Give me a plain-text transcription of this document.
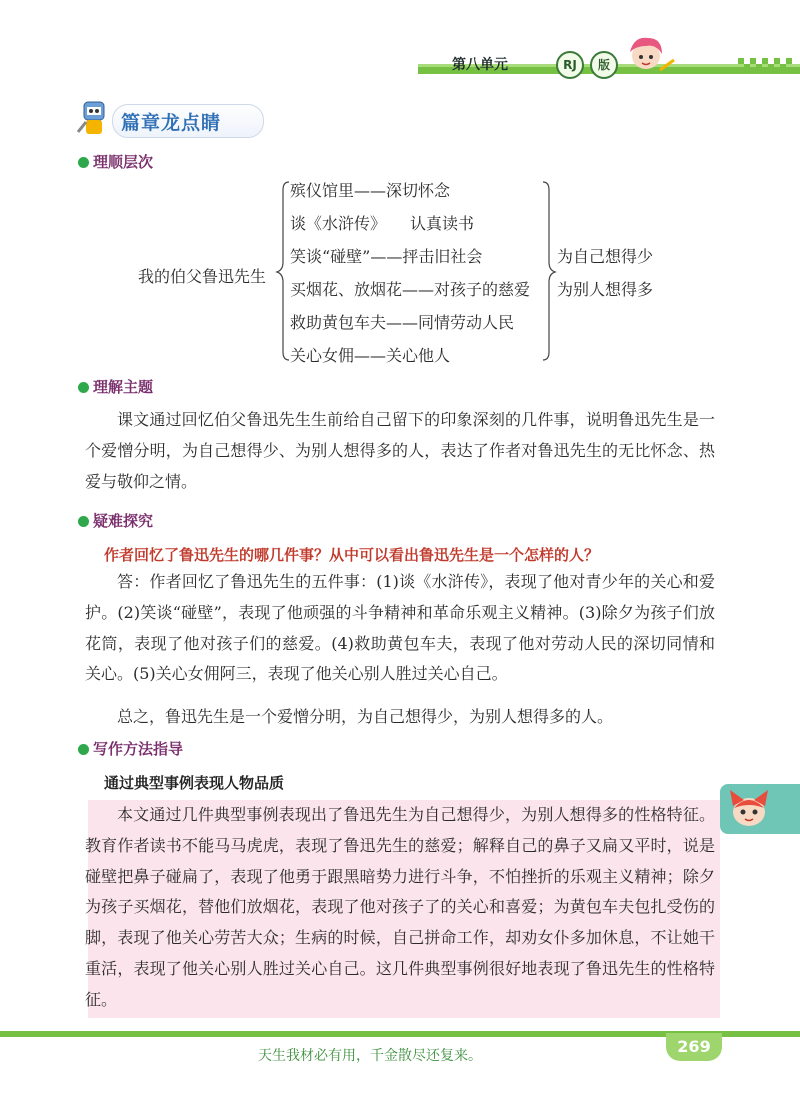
第八单元	RJ	版
篇章龙点睛
理顺层次
我的伯父鲁迅先生
殡仪馆里——深切怀念
谈《水浒传》　　认真读书
笑谈“碰壁”——抨击旧社会
买烟花、放烟花——对孩子的慈爱
救助黄包车夫——同情劳动人民
关心女佣——关心他人
为自己想得少
为别人想得多
理解主题

课文通过回忆伯父鲁迅先生生前给自己留下的印象深刻的几件事，说明鲁迅先生是一个爱憎分明，为自己想得少、为别人想得多的人，表达了作者对鲁迅先生的无比怀念、热爱与敬仰之情。

疑难探究
作者回忆了鲁迅先生的哪几件事？从中可以看出鲁迅先生是一个怎样的人？

答：作者回忆了鲁迅先生的五件事：(1)谈《水浒传》，表现了他对青少年的关心和爱护。(2)笑谈“碰壁”，表现了他顽强的斗争精神和革命乐观主义精神。(3)除夕为孩子们放花筒，表现了他对孩子们的慈爱。(4)救助黄包车夫，表现了他对劳动人民的深切同情和关心。(5)关心女佣阿三，表现了他关心别人胜过关心自己。

总之，鲁迅先生是一个爱憎分明，为自己想得少，为别人想得多的人。

写作方法指导
通过典型事例表现人物品质

本文通过几件典型事例表现出了鲁迅先生为自己想得少，为别人想得多的性格特征。教育作者读书不能马马虎虎，表现了鲁迅先生的慈爱；解释自己的鼻子又扁又平时，说是碰壁把鼻子碰扁了，表现了他勇于跟黑暗势力进行斗争，不怕挫折的乐观主义精神；除夕为孩子买烟花，替他们放烟花，表现了他对孩子了的关心和喜爱；为黄包车夫包扎受伤的脚，表现了他关心劳苦大众；生病的时候，自己拼命工作，却劝女仆多加休息，不让她干重活，表现了他关心别人胜过关心自己。这几件典型事例很好地表现了鲁迅先生的性格特征。

天生我材必有用，千金散尽还复来。	269
